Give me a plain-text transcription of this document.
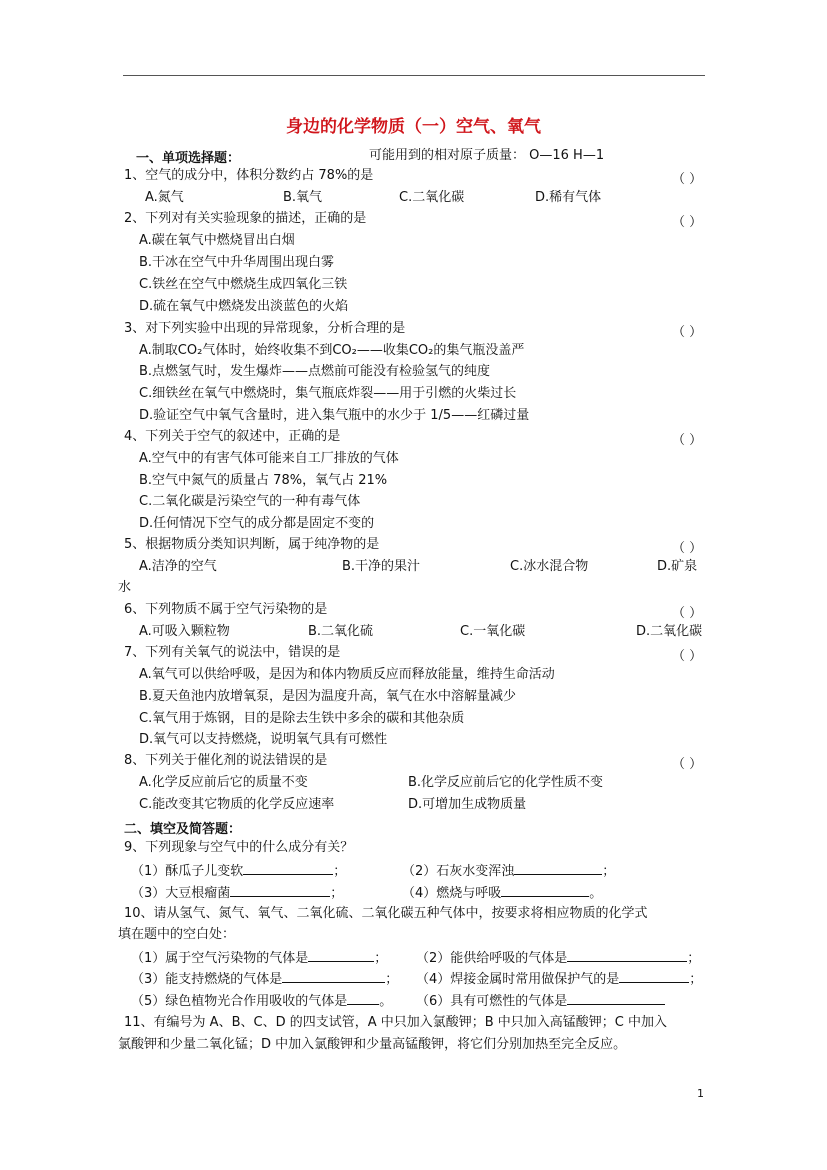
身边的化学物质（一）空气、氧气
一、单项选择题：	可能用到的相对原子质量： O—16 H—1
1、空气的成分中，体积分数约占 78%的是	（ ）
A.氮气	B.氧气	C.二氧化碳	D.稀有气体
2、下列对有关实验现象的描述，正确的是	（ ）
A.碳在氧气中燃烧冒出白烟
B.干冰在空气中升华周围出现白雾
C.铁丝在空气中燃烧生成四氧化三铁
D.硫在氧气中燃烧发出淡蓝色的火焰
3、对下列实验中出现的异常现象，分析合理的是	（ ）
A.制取CO₂气体时，始终收集不到CO₂——收集CO₂的集气瓶没盖严
B.点燃氢气时，发生爆炸——点燃前可能没有检验氢气的纯度
C.细铁丝在氧气中燃烧时，集气瓶底炸裂——用于引燃的火柴过长
D.验证空气中氧气含量时，进入集气瓶中的水少于 1/5——红磷过量
4、下列关于空气的叙述中，正确的是	（ ）
A.空气中的有害气体可能来自工厂排放的气体
B.空气中氮气的质量占 78%，氧气占 21%
C.二氧化碳是污染空气的一种有毒气体
D.任何情况下空气的成分都是固定不变的
5、根据物质分类知识判断，属于纯净物的是	（ ）
A.洁净的空气	B.干净的果汁	C.冰水混合物	D.矿泉
水
6、下列物质不属于空气污染物的是	（ ）
A.可吸入颗粒物	B.二氧化硫	C.一氧化碳	D.二氧化碳
7、下列有关氧气的说法中，错误的是	（ ）
A.氧气可以供给呼吸，是因为和体内物质反应而释放能量，维持生命活动
B.夏天鱼池内放增氧泵，是因为温度升高，氧气在水中溶解量减少
C.氧气用于炼钢，目的是除去生铁中多余的碳和其他杂质
D.氧气可以支持燃烧，说明氧气具有可燃性
8、下列关于催化剂的说法错误的是	（ ）
A.化学反应前后它的质量不变	B.化学反应前后它的化学性质不变
C.能改变其它物质的化学反应速率	D.可增加生成物质量
二、填空及简答题：
9、下列现象与空气中的什么成分有关？
（1）酥瓜子儿变软	；	（2）石灰水变浑浊	；
（3）大豆根瘤菌	；	（4）燃烧与呼吸	。
10、请从氢气、氮气、氧气、二氧化硫、二氧化碳五种气体中，按要求将相应物质的化学式
填在题中的空白处：
（1）属于空气污染物的气体是	； （2）能供给呼吸的气体是	；
（3）能支持燃烧的气体是	； （4）焊接金属时常用做保护气的是	；
（5）绿色植物光合作用吸收的气体是 。 （6）具有可燃性的气体是
11、有编号为 A、B、C、D 的四支试管，A 中只加入氯酸钾；B 中只加入高锰酸钾；C 中加入
氯酸钾和少量二氧化锰；D 中加入氯酸钾和少量高锰酸钾，将它们分别加热至完全反应。
1
